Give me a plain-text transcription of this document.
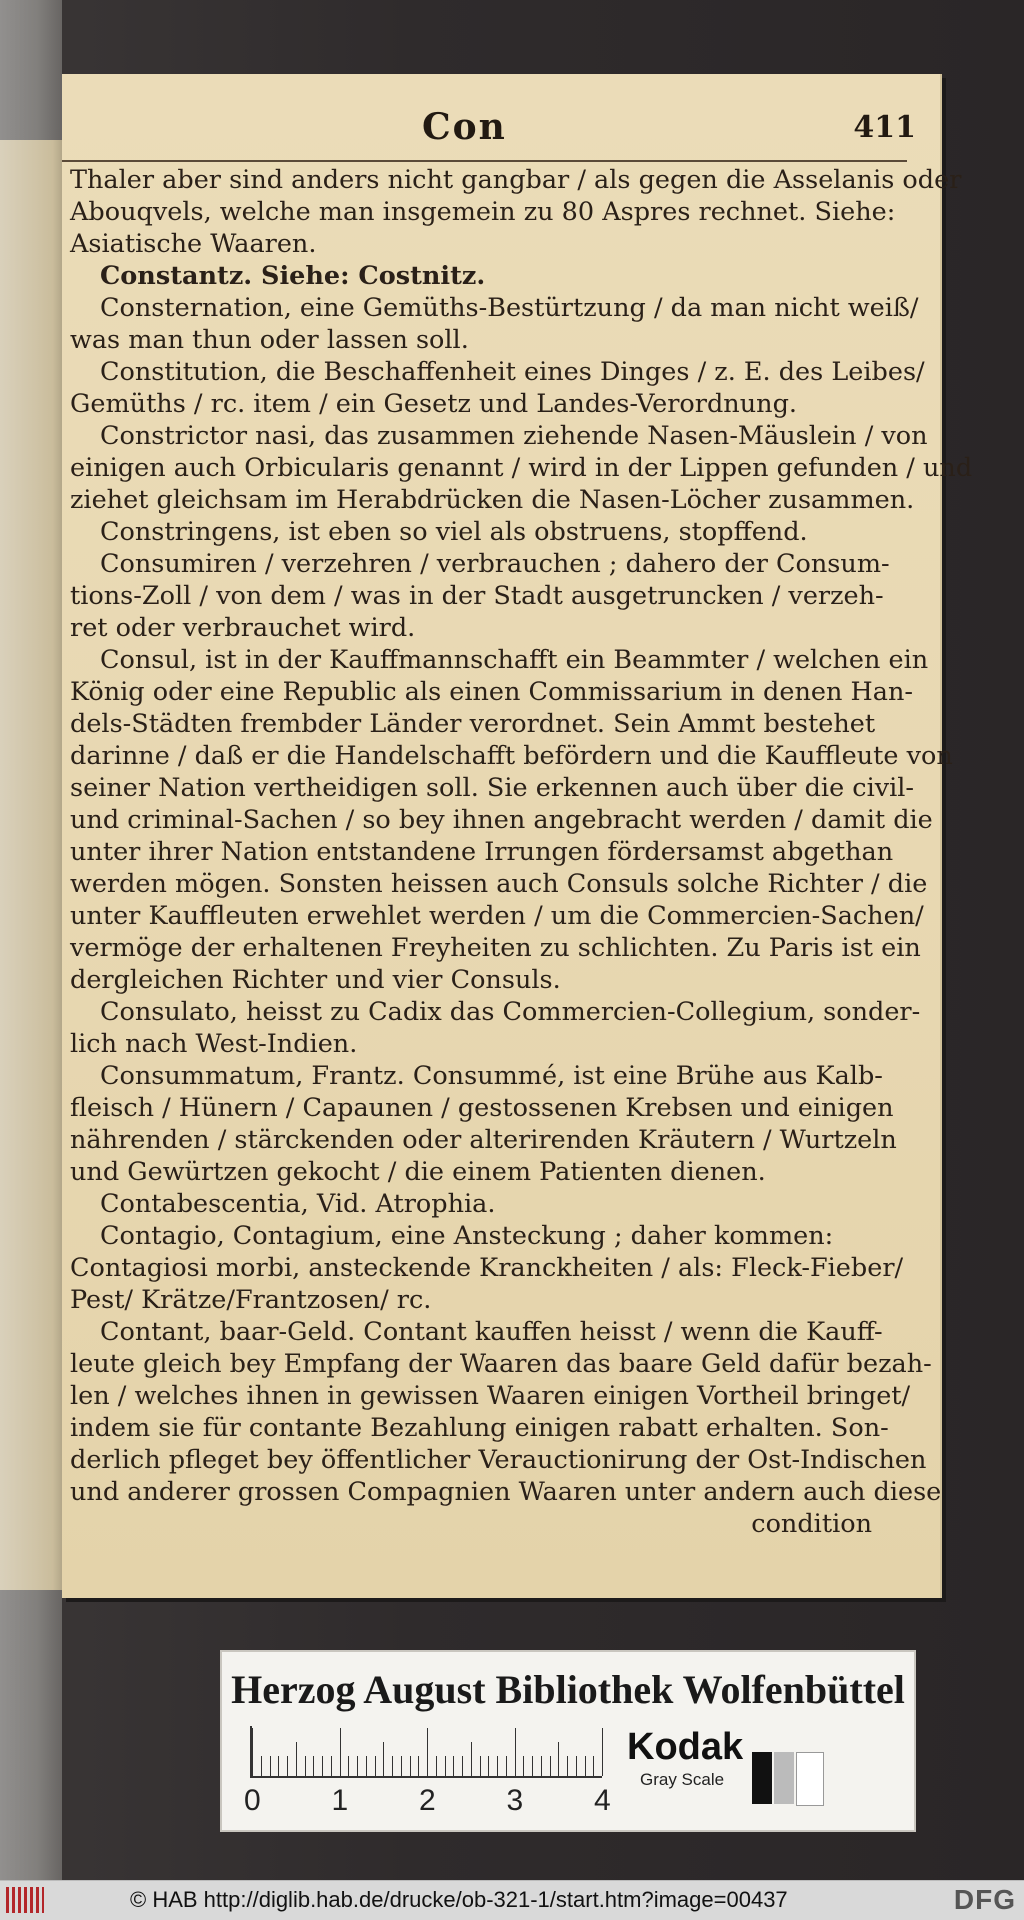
Con	411
Thaler aber sind anders nicht gangbar / als gegen die Asselanis oder
Abouqvels, welche man insgemein zu 80 Aspres rechnet. Siehe:
Asiatische Waaren.
Constantz. Siehe: Costnitz.
Consternation, eine Gemüths-Bestürtzung / da man nicht weiß/
was man thun oder lassen soll.
Constitution, die Beschaffenheit eines Dinges / z. E. des Leibes/
Gemüths / rc. item / ein Gesetz und Landes-Verordnung.
Constrictor nasi, das zusammen ziehende Nasen-Mäuslein / von
einigen auch Orbicularis genannt / wird in der Lippen gefunden / und
ziehet gleichsam im Herabdrücken die Nasen-Löcher zusammen.
Constringens, ist eben so viel als obstruens, stopffend.
Consumiren / verzehren / verbrauchen ; dahero der Consum-
tions-Zoll / von dem / was in der Stadt ausgetruncken / verzeh-
ret oder verbrauchet wird.
Consul, ist in der Kauffmannschafft ein Beammter / welchen ein
König oder eine Republic als einen Commissarium in denen Han-
dels-Städten frembder Länder verordnet. Sein Ammt bestehet
darinne / daß er die Handelschafft befördern und die Kauffleute von
seiner Nation vertheidigen soll. Sie erkennen auch über die civil-
und criminal-Sachen / so bey ihnen angebracht werden / damit die
unter ihrer Nation entstandene Irrungen fördersamst abgethan
werden mögen. Sonsten heissen auch Consuls solche Richter / die
unter Kauffleuten erwehlet werden / um die Commercien-Sachen/
vermöge der erhaltenen Freyheiten zu schlichten. Zu Paris ist ein
dergleichen Richter und vier Consuls.
Consulato, heisst zu Cadix das Commercien-Collegium, sonder-
lich nach West-Indien.
Consummatum, Frantz. Consummé, ist eine Brühe aus Kalb-
fleisch / Hünern / Capaunen / gestossenen Krebsen und einigen
nährenden / stärckenden oder alterirenden Kräutern / Wurtzeln
und Gewürtzen gekocht / die einem Patienten dienen.
Contabescentia, Vid. Atrophia.
Contagio, Contagium, eine Ansteckung ; daher kommen:
Contagiosi morbi, ansteckende Kranckheiten / als: Fleck-Fieber/
Pest/ Krätze/Frantzosen/ rc.
Contant, baar-Geld. Contant kauffen heisst / wenn die Kauff-
leute gleich bey Empfang der Waaren das baare Geld dafür bezah-
len / welches ihnen in gewissen Waaren einigen Vortheil bringet/
indem sie für contante Bezahlung einigen rabatt erhalten. Son-
derlich pfleget bey öffentlicher Verauctionirung der Ost-Indischen
und anderer grossen Compagnien Waaren unter andern auch diese
condition
Herzog August Bibliothek Wolfenbüttel
0 1 2 3 4
Kodak
Gray Scale
© HAB http://diglib.hab.de/drucke/ob-321-1/start.htm?image=00437	DFG
